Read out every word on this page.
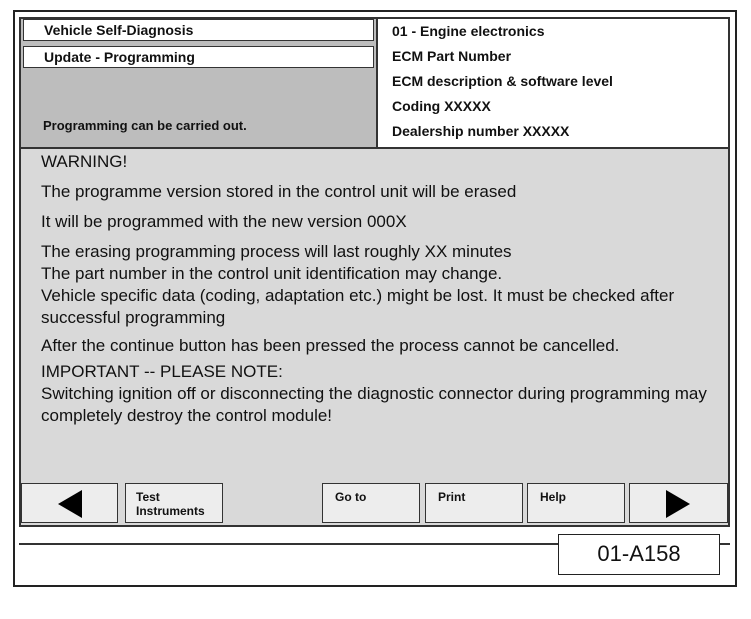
Vehicle Self-Diagnosis
Update - Programming
Programming can be carried out.
01 - Engine electronics
ECM Part Number
ECM description & software level
Coding XXXXX
Dealership number XXXXX

WARNING!

The programme version stored in the control unit will be erased

It will be programmed with the new version 000X

The erasing programming process will last roughly XX minutes

The part number in the control unit identification may change.

Vehicle specific data (coding, adaptation etc.) might be lost. It must be checked after successful programming

After the continue button has been pressed the process cannot be cancelled.

IMPORTANT -- PLEASE NOTE:

Switching ignition off or disconnecting the diagnostic connector during programming may completely destroy the control module!

Test Instruments
Go to	Print	Help
01-A158
